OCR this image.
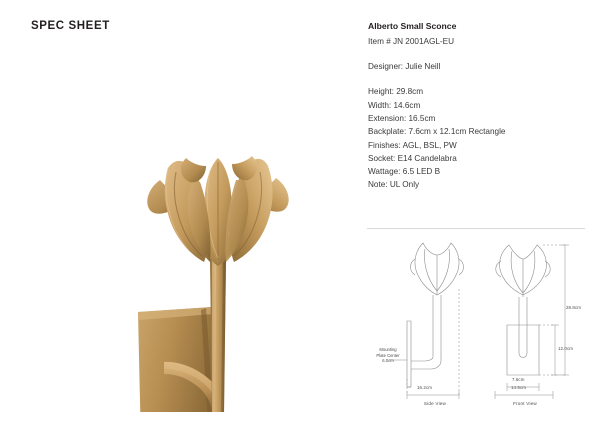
SPEC SHEET	Alberto Small Sconce
Item # JN 2001AGL-EU
Designer: Julie Neill
Height: 29.8cm
Width: 14.6cm
Extension: 16.5cm
Backplate: 7.6cm x 12.1cm Rectangle
Finishes: AGL, BSL, PW
Socket: E14 Candelabra
Wattage: 6.5 LED B
Note: UL Only
Mounting
Plate Center
6.0cm
16.2cm
7.6cm
14.5cm
28.8cm
12.0cm
Side View	Front View
